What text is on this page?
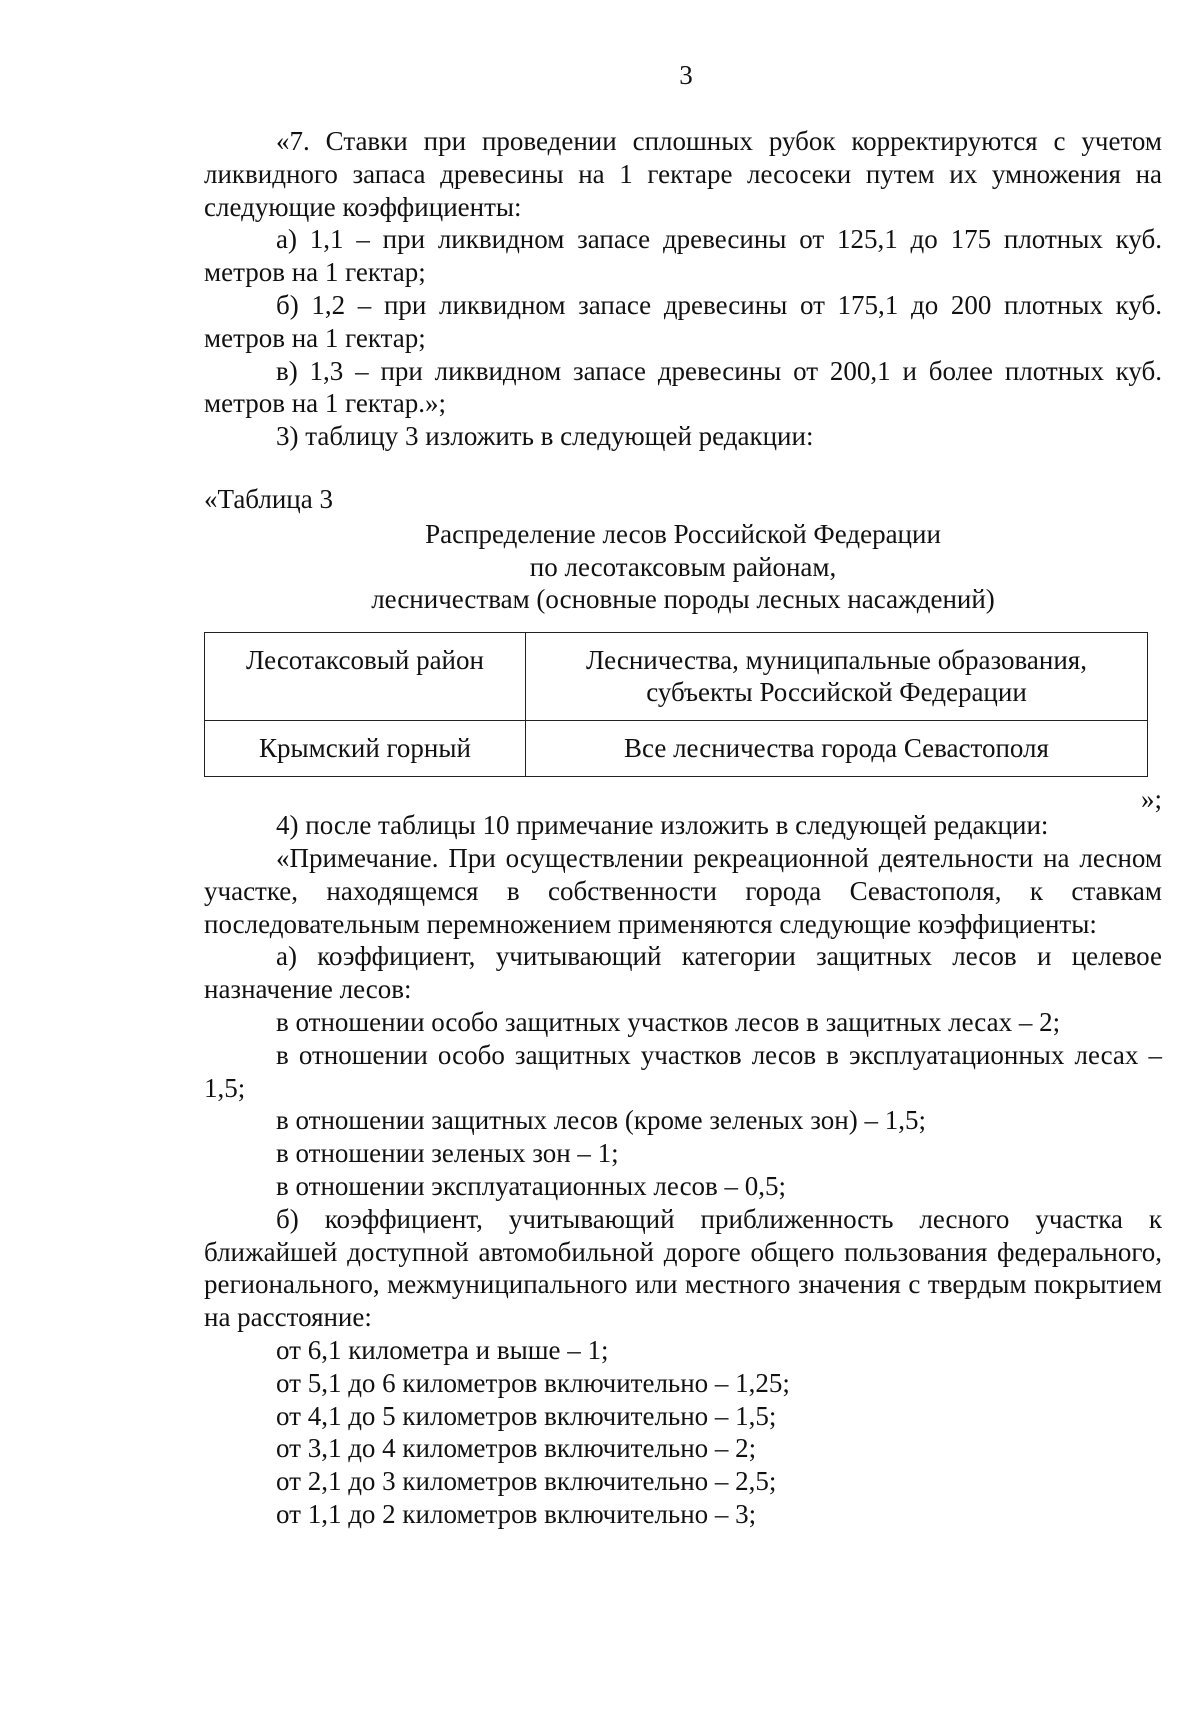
3

«7. Ставки при проведении сплошных рубок корректируются с учетом ликвидного запаса древесины на 1 гектаре лесосеки путем их умножения на следующие коэффициенты:

а) 1,1 – при ликвидном запасе древесины от 125,1 до 175 плотных куб. метров на 1 гектар;

б) 1,2 – при ликвидном запасе древесины от 175,1 до 200 плотных куб. метров на 1 гектар;

в) 1,3 – при ликвидном запасе древесины от 200,1 и более плотных куб. метров на 1 гектар.»;

3) таблицу 3 изложить в следующей редакции:

«Таблица 3

Распределение лесов Российской Федерации
по лесотаксовым районам,
лесничествам (основные породы лесных насаждений)
Лесотаксовый район	Лесничества, муниципальные образования,
субъекты Российской Федерации

Крымский горный	Все лесничества города Севастополя
»;

4) после таблицы 10 примечание изложить в следующей редакции:

«Примечание. При осуществлении рекреационной деятельности на лесном участке, находящемся в собственности города Севастополя, к ставкам последовательным перемножением применяются следующие коэффициенты:

а) коэффициент, учитывающий категории защитных лесов и целевое назначение лесов:

в отношении особо защитных участков лесов в защитных лесах – 2;

в отношении особо защитных участков лесов в эксплуатационных лесах – 1,5;

в отношении защитных лесов (кроме зеленых зон) – 1,5;

в отношении зеленых зон – 1;

в отношении эксплуатационных лесов – 0,5;

б) коэффициент, учитывающий приближенность лесного участка к ближайшей доступной автомобильной дороге общего пользования федерального, регионального, межмуниципального или местного значения с твердым покрытием на расстояние:

от 6,1 километра и выше – 1;

от 5,1 до 6 километров включительно – 1,25;

от 4,1 до 5 километров включительно – 1,5;

от 3,1 до 4 километров включительно – 2;

от 2,1 до 3 километров включительно – 2,5;

от 1,1 до 2 километров включительно – 3;
